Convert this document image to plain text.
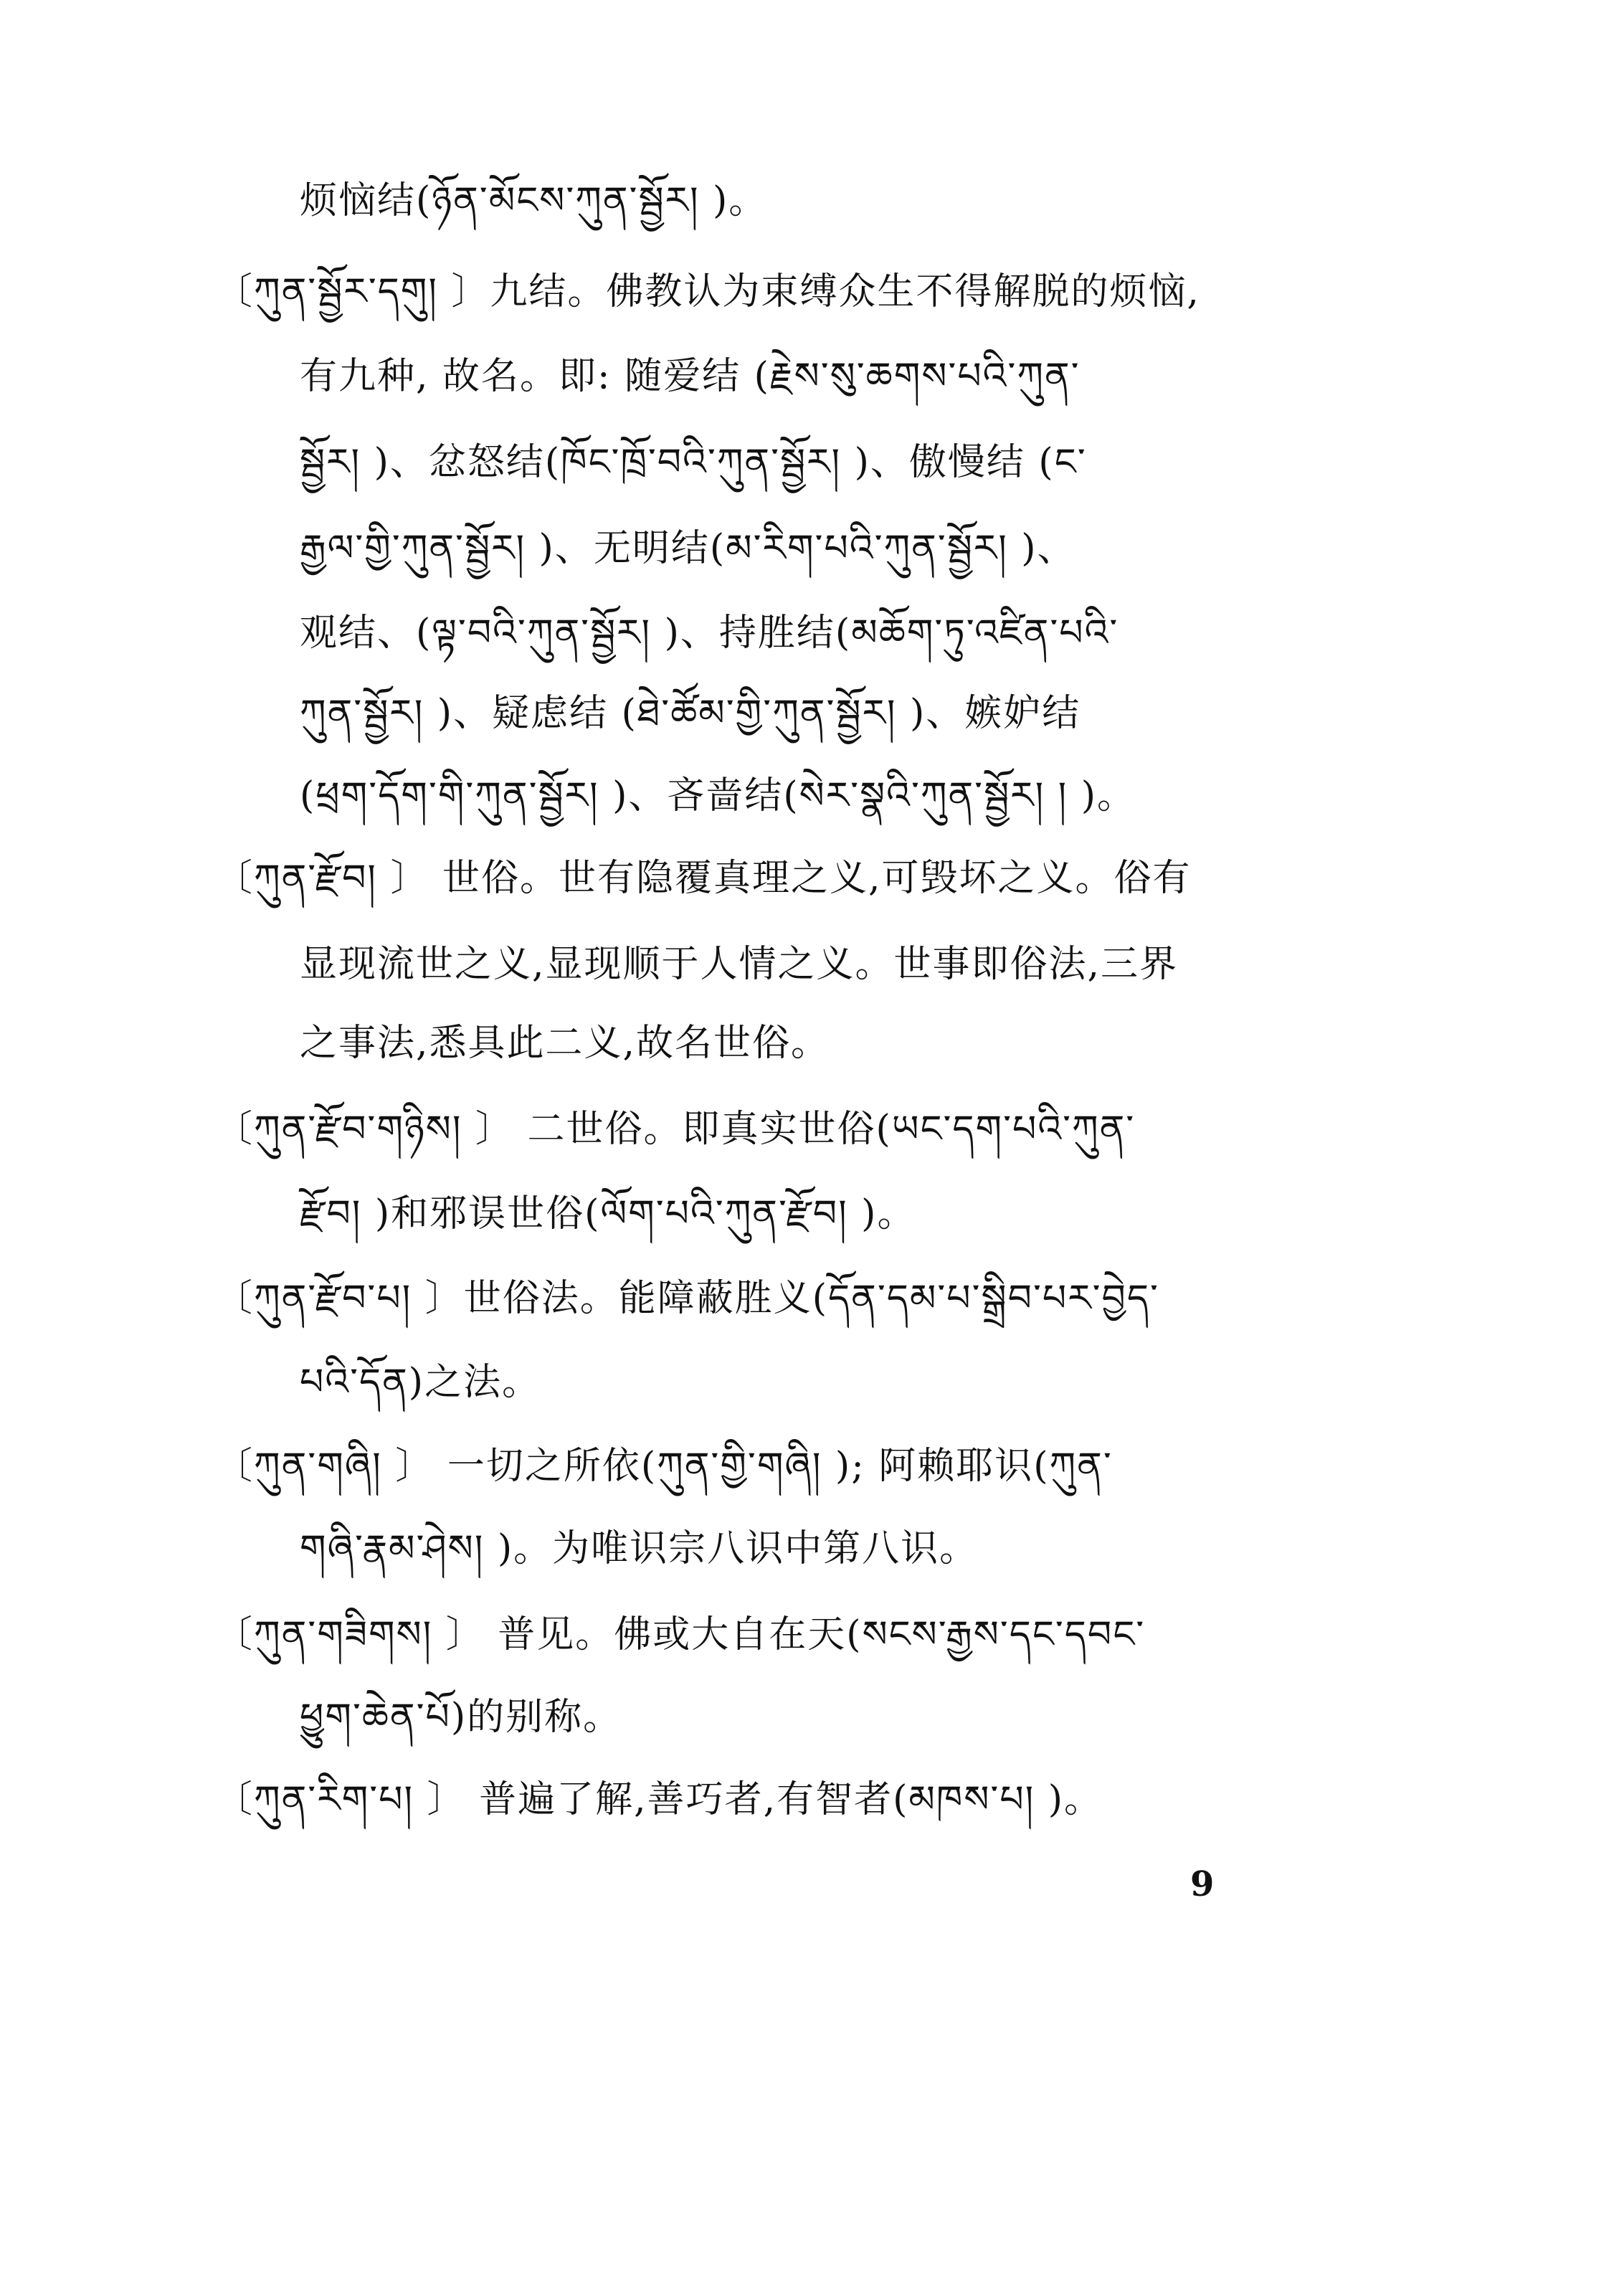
烦恼结(ཉོན་མོངས་ཀུན་སྦྱོར། )。
〔ཀུན་སྦྱོར་དགུ། 〕九结。佛教认为束缚众生不得解脱的烦恼,
有九种, 故名。即: 随爱结 (རྗེས་སུ་ཆགས་པའི་ཀུན་
སྦྱོར། )、忿怒结(ཁོང་ཁྲོ་བའི་ཀུན་སྦྱོར། )、傲慢结 (ང་
རྒྱལ་གྱི་ཀུན་སྦྱོར། )、无明结(མ་རིག་པའི་ཀུན་སྦྱོར། )、
观结、(ལྟ་བའི་ཀུན་སྦྱོར། )、持胜结(མཆོག་ཏུ་འཛིན་པའི་
ཀུན་སྦྱོར། )、疑虑结 (ཐེ་ཚོམ་གྱི་ཀུན་སྦྱོར། )、嫉妒结
(ཕྲག་དོག་གི་ཀུན་སྦྱོར། )、吝啬结(སེར་སྣའི་ཀུན་སྦྱོར། ། )。
〔ཀུན་རྫོབ། 〕 世俗。世有隐覆真理之义,可毁坏之义。俗有
显现流世之义,显现顺于人情之义。世事即俗法,三界
之事法,悉具此二义,故名世俗。
〔ཀུན་རྫོབ་གཉིས། 〕 二世俗。即真实世俗(ཡང་དག་པའི་ཀུན་
རྫོབ། )和邪误世俗(ལོག་པའི་ཀུན་རྫོབ། )。
〔ཀུན་རྫོབ་པ། 〕世俗法。能障蔽胜义(དོན་དམ་པ་སྒྲིབ་པར་བྱེད་
པའི་དོན)之法。
〔ཀུན་གཞི། 〕 一切之所依(ཀུན་གྱི་གཞི། ); 阿赖耶识(ཀུན་
གཞི་རྣམ་ཤེས། )。为唯识宗八识中第八识。
〔ཀུན་གཟིགས། 〕 普见。佛或大自在天(སངས་རྒྱས་དང་དབང་
ཕྱུག་ཆེན་པོ)的别称。
〔ཀུན་རིག་པ། 〕 普遍了解,善巧者,有智者(མཁས་པ། )。
9
